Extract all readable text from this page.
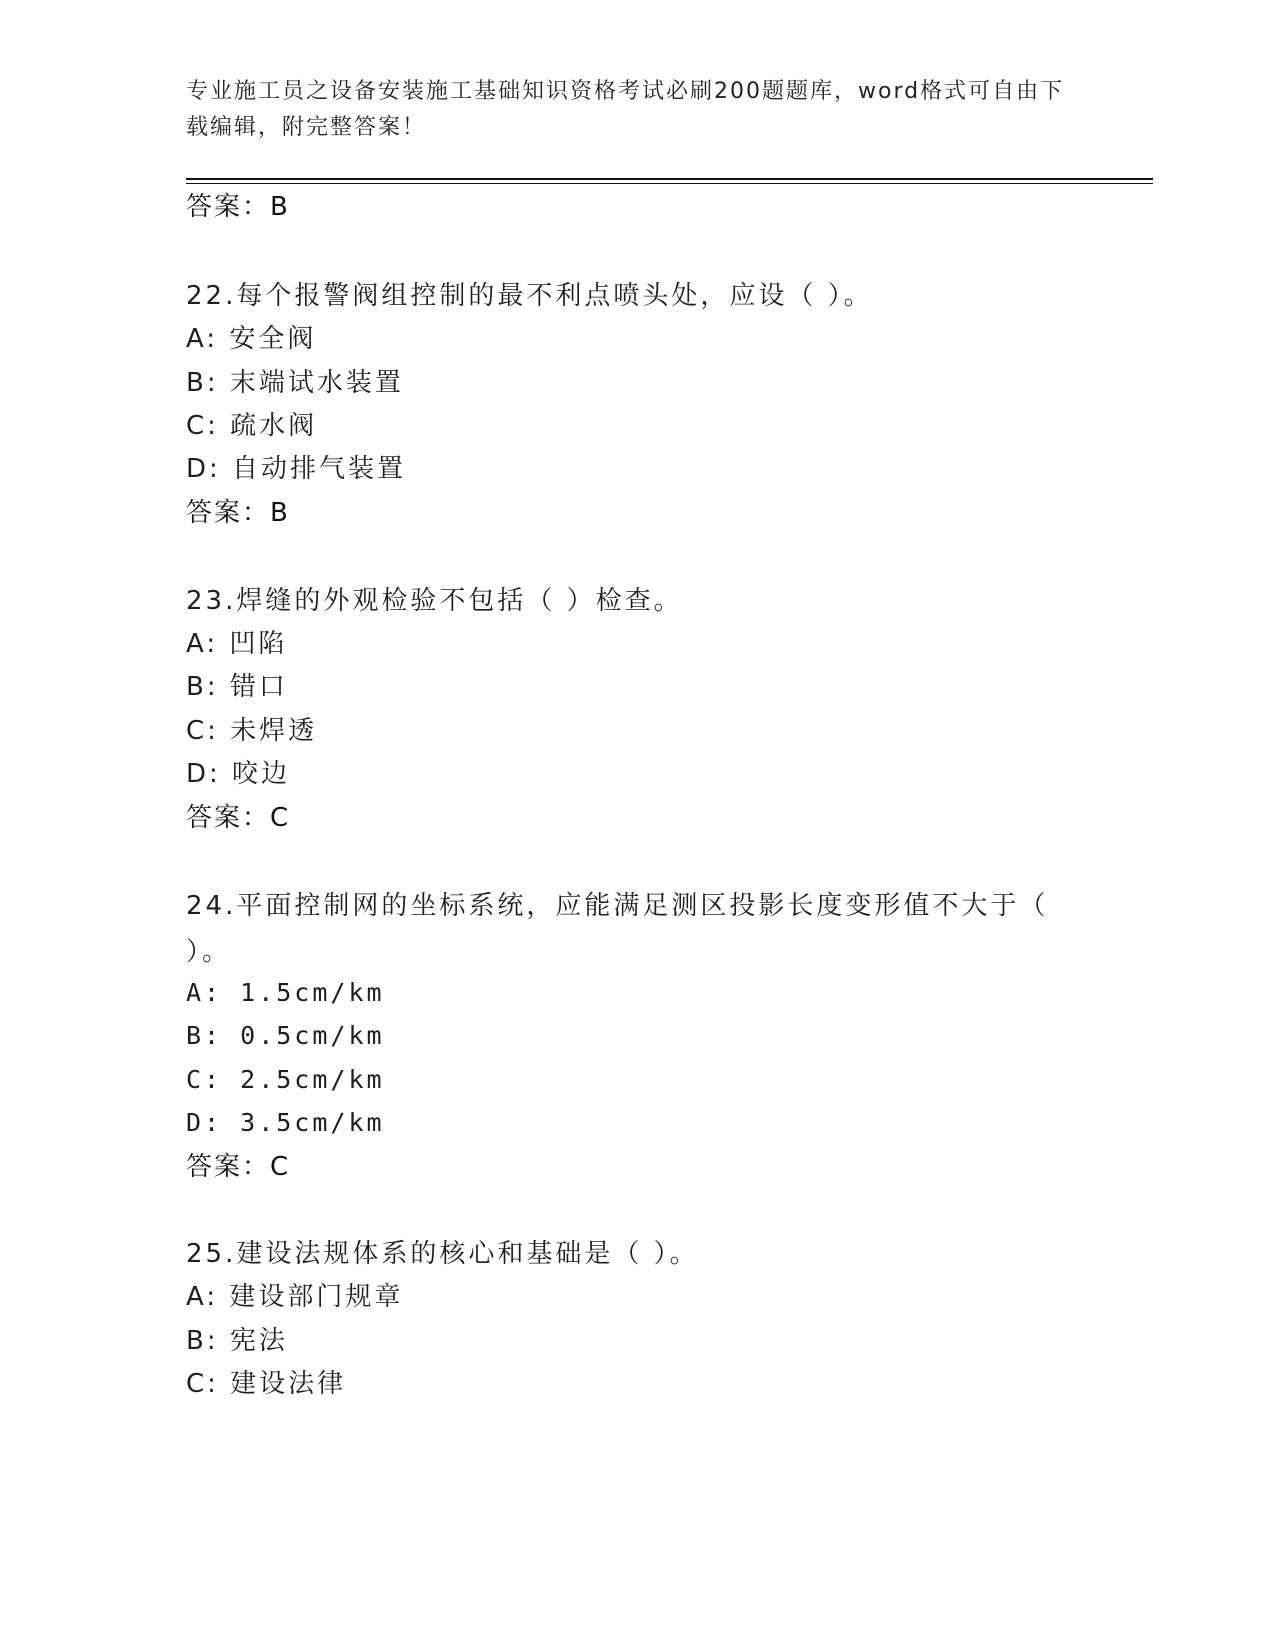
专业施工员之设备安装施工基础知识资格考试必刷200题题库，word格式可自由下载编辑，附完整答案！
答案：B
22.每个报警阀组控制的最不利点喷头处，应设（ ）。
A: 安全阀
B: 末端试水装置
C: 疏水阀
D: 自动排气装置
答案：B
23.焊缝的外观检验不包括（ ）检查。
A: 凹陷
B: 错口
C: 未焊透
D: 咬边
答案：C
24.平面控制网的坐标系统，应能满足测区投影长度变形值不大于（ ）。
A: 1.5cm/km
B: 0.5cm/km
C: 2.5cm/km
D: 3.5cm/km
答案：C
25.建设法规体系的核心和基础是（ ）。
A: 建设部门规章
B: 宪法
C: 建设法律
